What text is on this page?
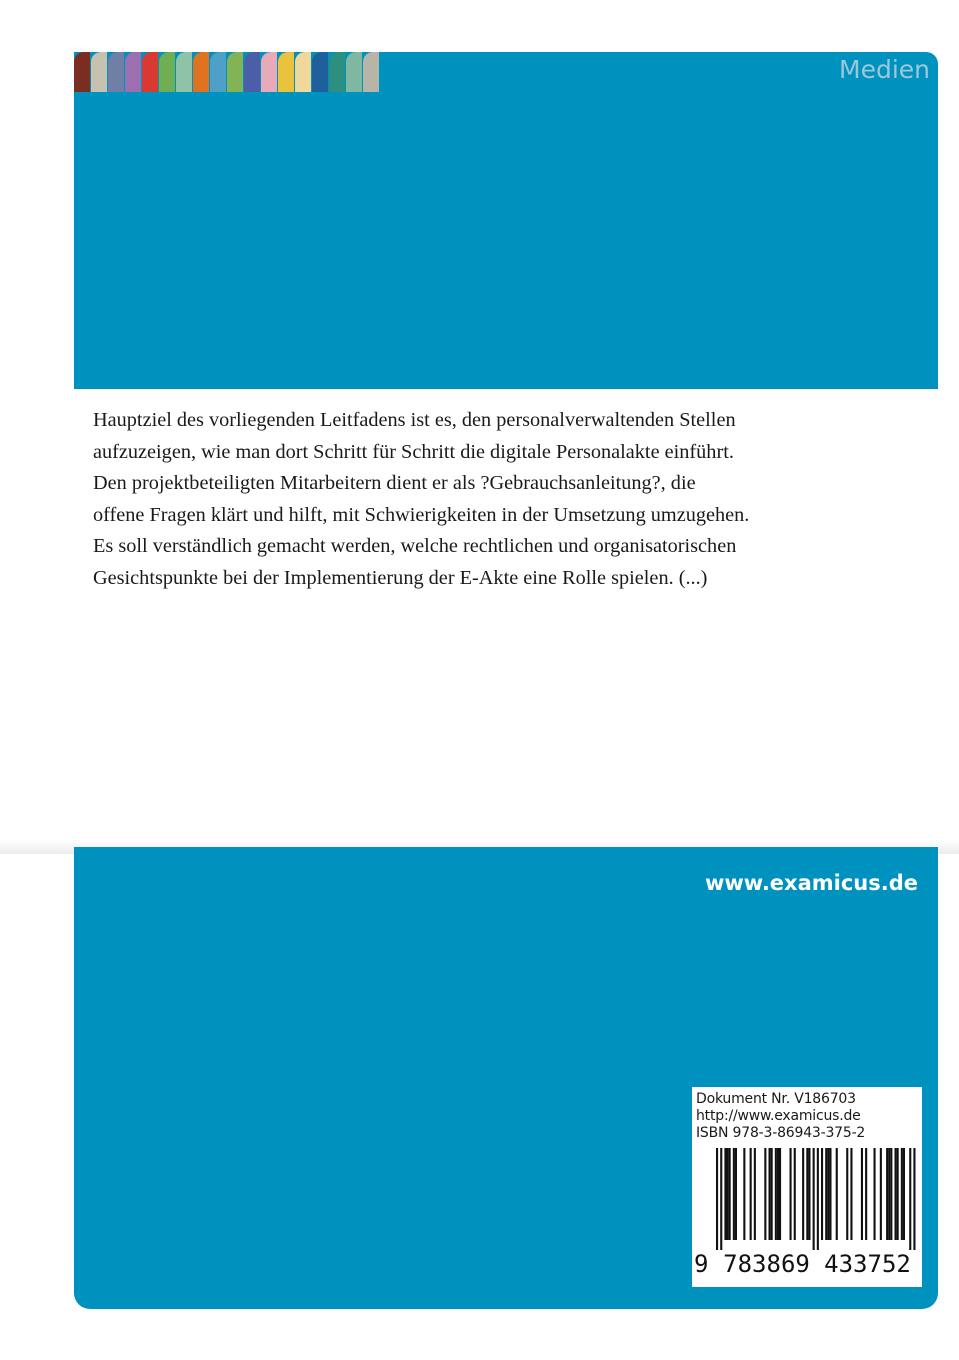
Medien

Hauptziel des vorliegenden Leitfadens ist es, den personalverwaltenden Stellen
aufzuzeigen, wie man dort Schritt für Schritt die digitale Personalakte einführt.
Den projektbeteiligten Mitarbeitern dient er als ?Gebrauchsanleitung?, die
offene Fragen klärt und hilft, mit Schwierigkeiten in der Umsetzung umzugehen.
Es soll verständlich gemacht werden, welche rechtlichen und organisatorischen
Gesichtspunkte bei der Implementierung der E-Akte eine Rolle spielen. (...)

www.examicus.de
Dokument Nr. V186703
http://www.examicus.de
ISBN 978-3-86943-375-2
9 783869 433752
